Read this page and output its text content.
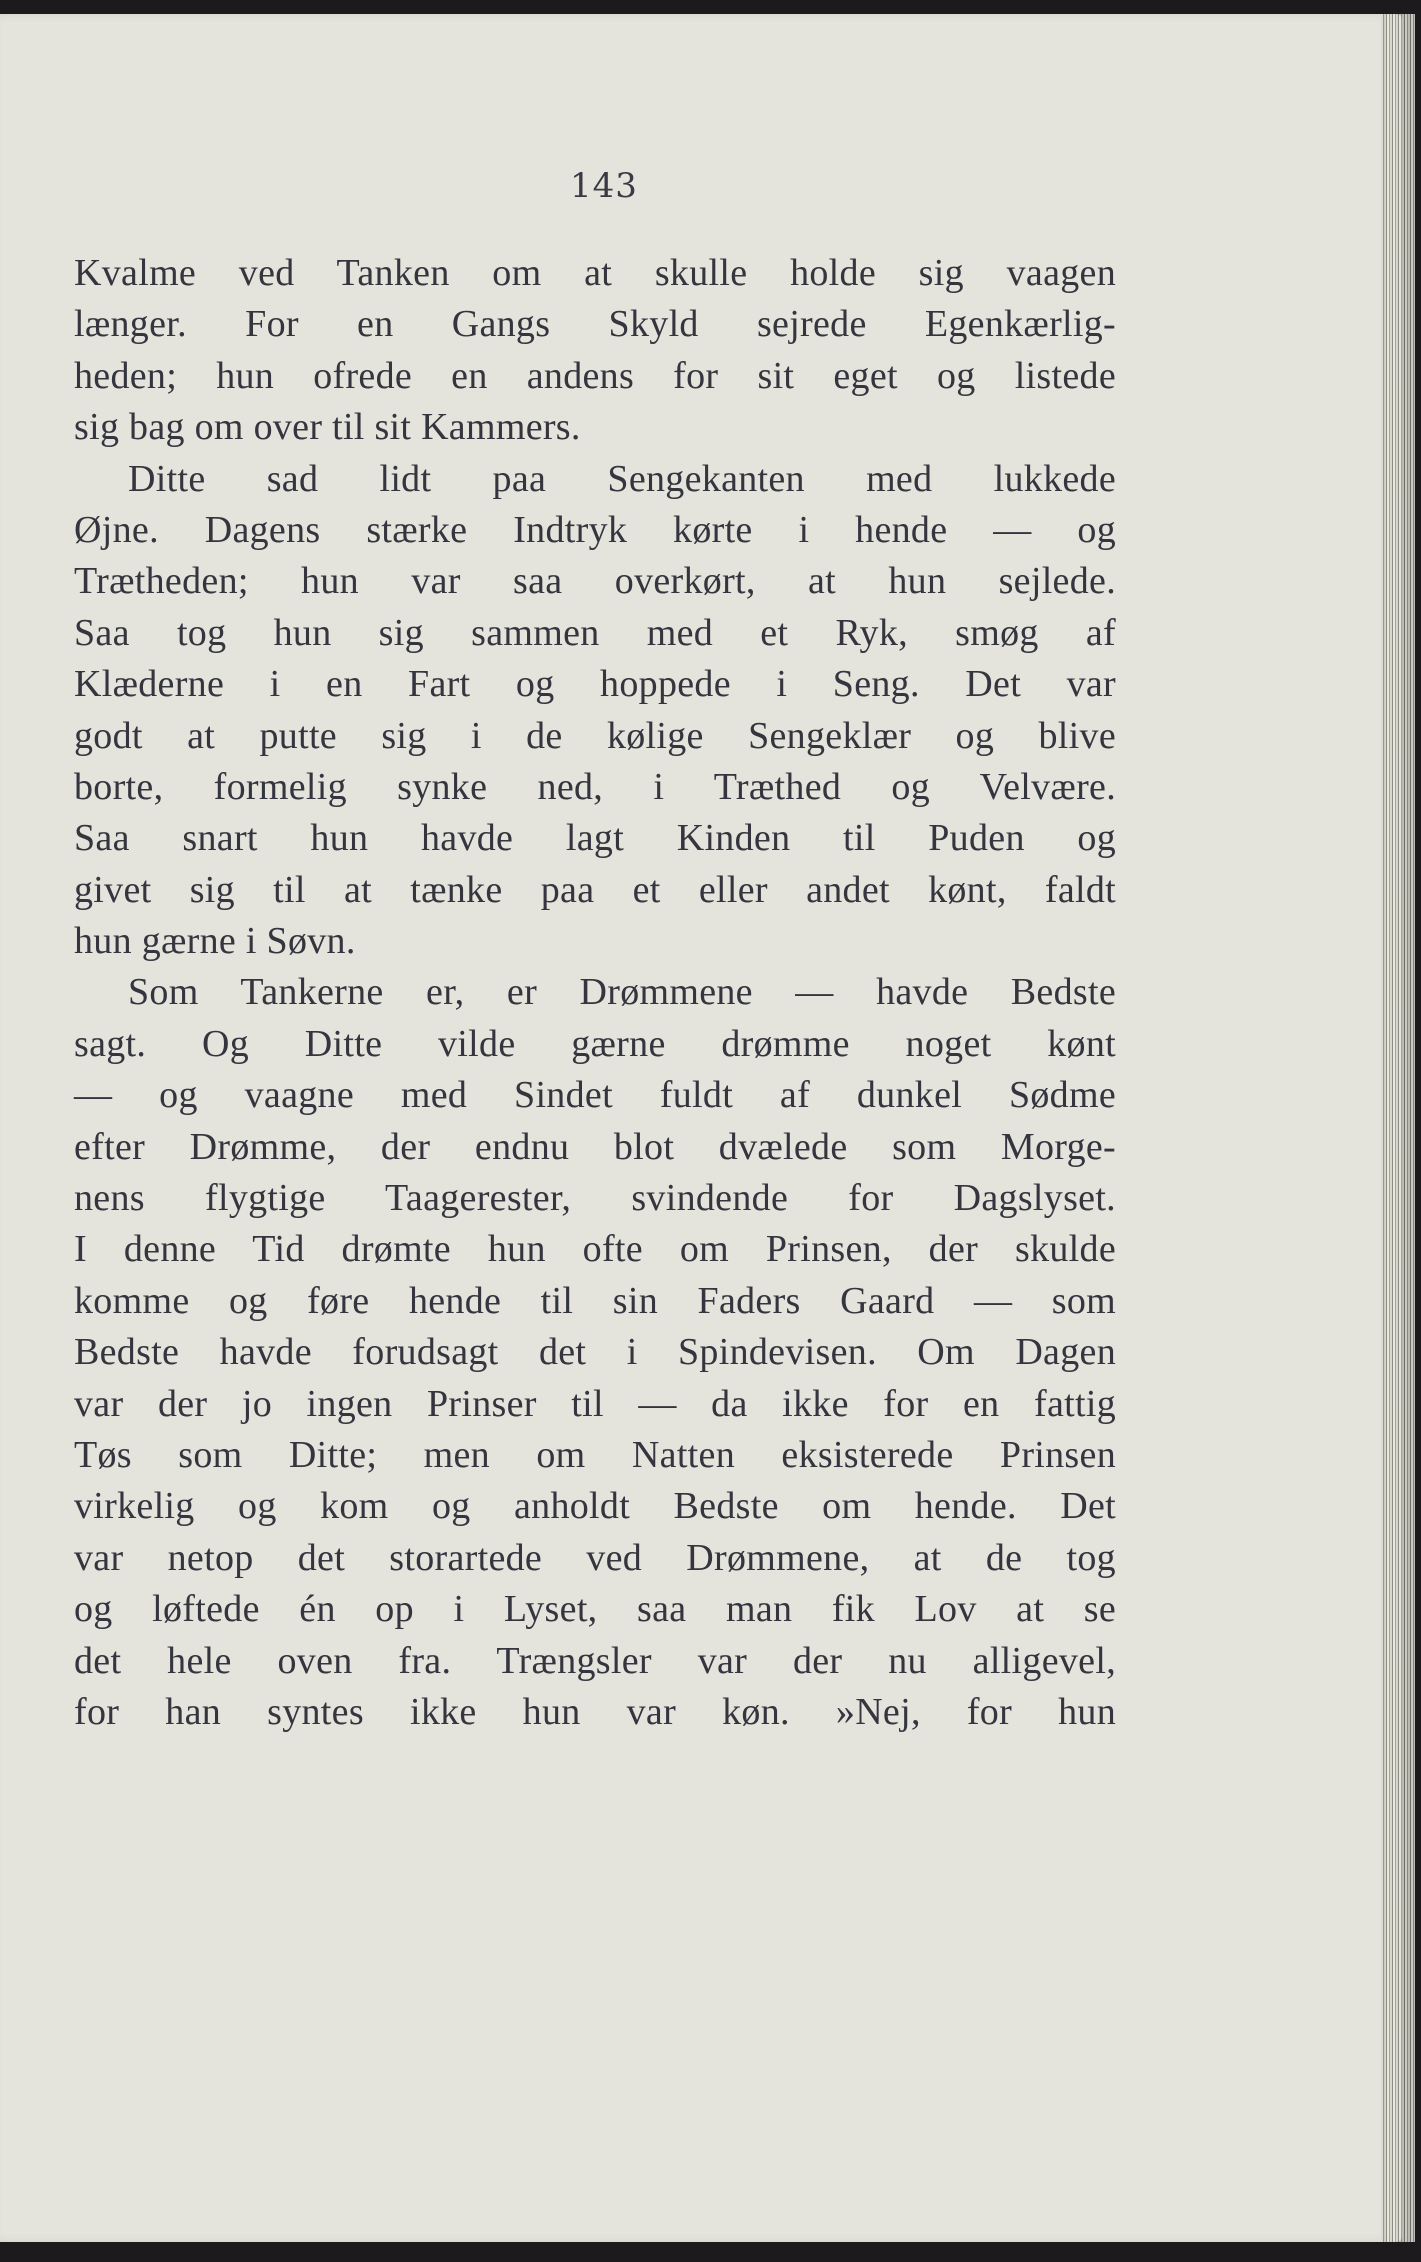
143
Kvalme ved Tanken om at skulle holde sig vaagen
længer. For en Gangs Skyld sejrede Egenkærlig-
heden; hun ofrede en andens for sit eget og listede
sig bag om over til sit Kammers.
Ditte sad lidt paa Sengekanten med lukkede
Øjne. Dagens stærke Indtryk kørte i hende — og
Trætheden; hun var saa overkørt, at hun sejlede.
Saa tog hun sig sammen med et Ryk, smøg af
Klæderne i en Fart og hoppede i Seng. Det var
godt at putte sig i de kølige Sengeklær og blive
borte, formelig synke ned, i Træthed og Velvære.
Saa snart hun havde lagt Kinden til Puden og
givet sig til at tænke paa et eller andet kønt, faldt
hun gærne i Søvn.
Som Tankerne er, er Drømmene — havde Bedste
sagt. Og Ditte vilde gærne drømme noget kønt
— og vaagne med Sindet fuldt af dunkel Sødme
efter Drømme, der endnu blot dvælede som Morge-
nens flygtige Taagerester, svindende for Dagslyset.
I denne Tid drømte hun ofte om Prinsen, der skulde
komme og føre hende til sin Faders Gaard — som
Bedste havde forudsagt det i Spindevisen. Om Dagen
var der jo ingen Prinser til — da ikke for en fattig
Tøs som Ditte; men om Natten eksisterede Prinsen
virkelig og kom og anholdt Bedste om hende. Det
var netop det storartede ved Drømmene, at de tog
og løftede én op i Lyset, saa man fik Lov at se
det hele oven fra. Trængsler var der nu alligevel,
for han syntes ikke hun var køn. »Nej, for hun
